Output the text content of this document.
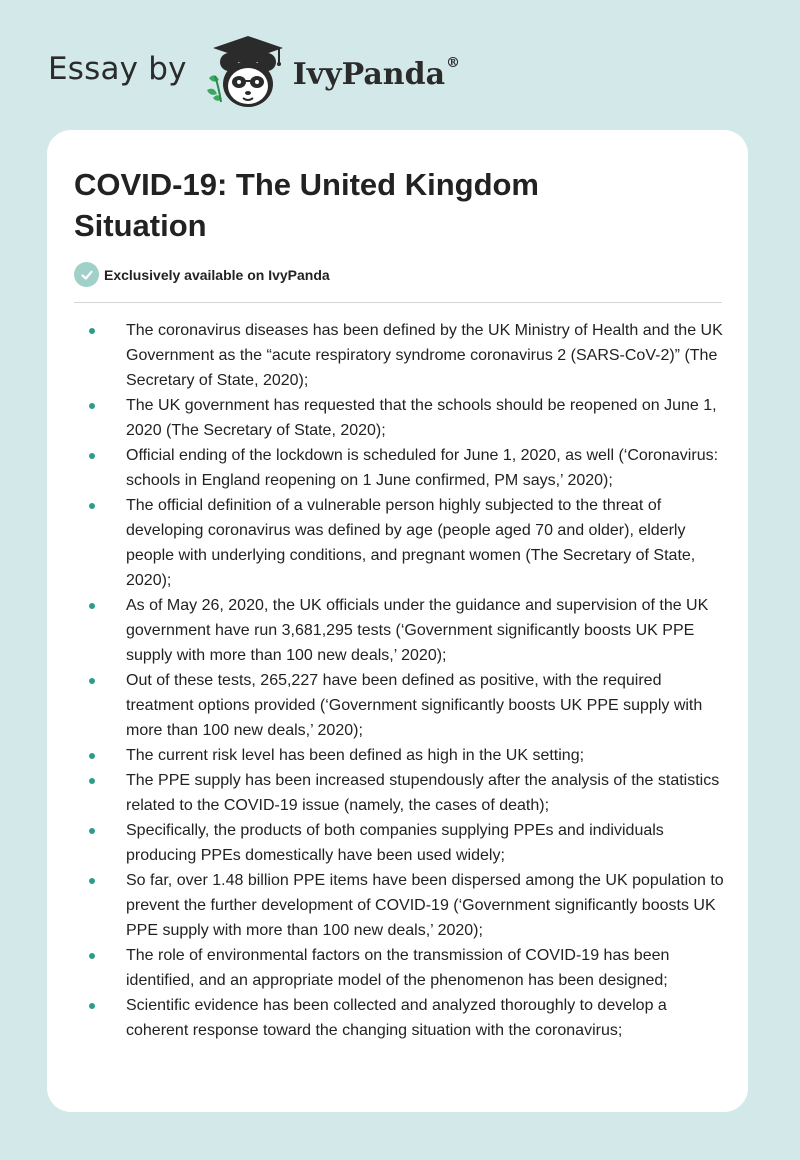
Essay by	IvyPanda®
COVID-19: The United Kingdom Situation
Exclusively available on IvyPanda
The coronavirus diseases has been defined by the UK Ministry of Health and the UK Government as the “acute respiratory syndrome coronavirus 2 (SARS-CoV-2)” (The Secretary of State, 2020);
The UK government has requested that the schools should be reopened on June 1, 2020 (The Secretary of State, 2020);
Official ending of the lockdown is scheduled for June 1, 2020, as well (‘Coronavirus: schools in England reopening on 1 June confirmed, PM says,’ 2020);
The official definition of a vulnerable person highly subjected to the threat of developing coronavirus was defined by age (people aged 70 and older), elderly people with underlying conditions, and pregnant women (The Secretary of State, 2020);
As of May 26, 2020, the UK officials under the guidance and supervision of the UK government have run 3,681,295 tests (‘Government significantly boosts UK PPE supply with more than 100 new deals,’ 2020);
Out of these tests, 265,227 have been defined as positive, with the required treatment options provided (‘Government significantly boosts UK PPE supply with more than 100 new deals,’ 2020);
The current risk level has been defined as high in the UK setting;
The PPE supply has been increased stupendously after the analysis of the statistics related to the COVID-19 issue (namely, the cases of death);
Specifically, the products of both companies supplying PPEs and individuals producing PPEs domestically have been used widely;
So far, over 1.48 billion PPE items have been dispersed among the UK population to prevent the further development of COVID-19 (‘Government significantly boosts UK PPE supply with more than 100 new deals,’ 2020);
The role of environmental factors on the transmission of COVID-19 has been identified, and an appropriate model of the phenomenon has been designed;
Scientific evidence has been collected and analyzed thoroughly to develop a coherent response toward the changing situation with the coronavirus;
